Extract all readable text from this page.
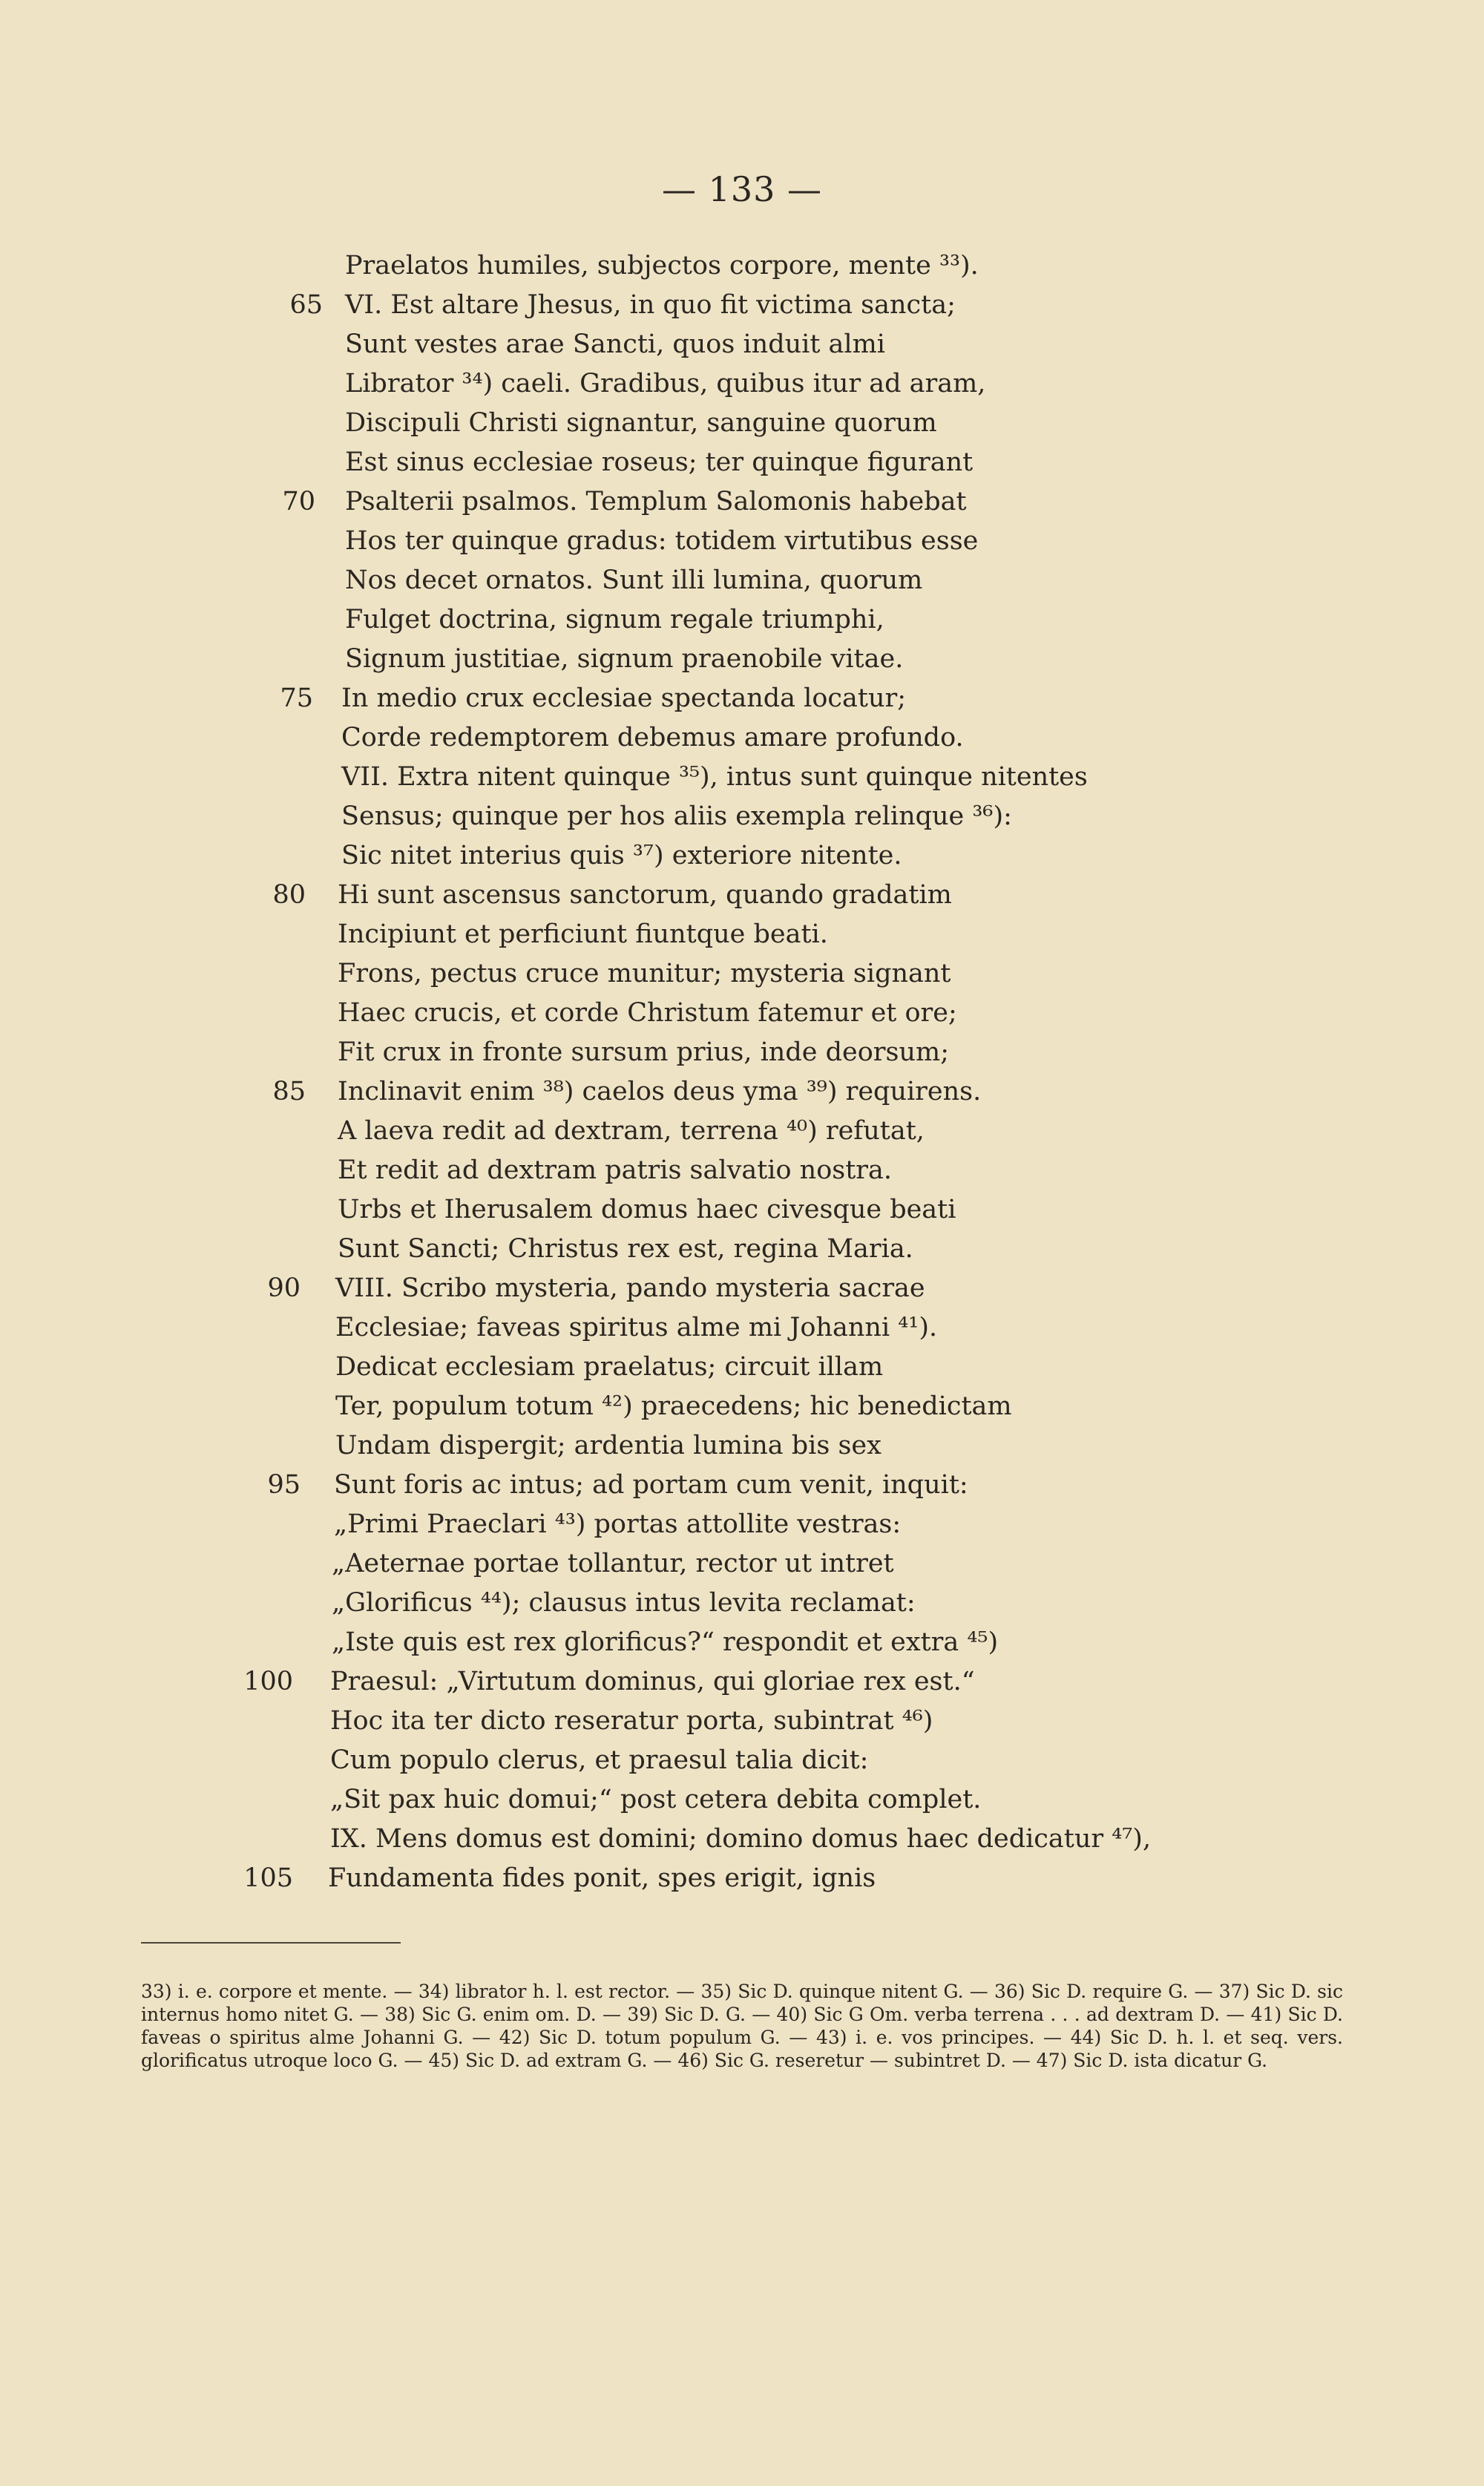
— 133 —
Praelatos humiles, subjectos corpore, mente ³³).
65 VI. Est altare Jhesus, in quo fit victima sancta;
Sunt vestes arae Sancti, quos induit almi
Librator ³⁴) caeli. Gradibus, quibus itur ad aram,
Discipuli Christi signantur, sanguine quorum
Est sinus ecclesiae roseus; ter quinque figurant
70 Psalterii psalmos. Templum Salomonis habebat
Hos ter quinque gradus: totidem virtutibus esse
Nos decet ornatos. Sunt illi lumina, quorum
Fulget doctrina, signum regale triumphi,
Signum justitiae, signum praenobile vitae.
75 In medio crux ecclesiae spectanda locatur;
Corde redemptorem debemus amare profundo.
VII. Extra nitent quinque ³⁵), intus sunt quinque nitentes
Sensus; quinque per hos aliis exempla relinque ³⁶):
Sic nitet interius quis ³⁷) exteriore nitente.
80 Hi sunt ascensus sanctorum, quando gradatim
Incipiunt et perficiunt fiuntque beati.
Frons, pectus cruce munitur; mysteria signant
Haec crucis, et corde Christum fatemur et ore;
Fit crux in fronte sursum prius, inde deorsum;
85 Inclinavit enim ³⁸) caelos deus yma ³⁹) requirens.
A laeva redit ad dextram, terrena ⁴⁰) refutat,
Et redit ad dextram patris salvatio nostra.
Urbs et Iherusalem domus haec civesque beati
Sunt Sancti; Christus rex est, regina Maria.
90 VIII. Scribo mysteria, pando mysteria sacrae
Ecclesiae; faveas spiritus alme mi Johanni ⁴¹).
Dedicat ecclesiam praelatus; circuit illam
Ter, populum totum ⁴²) praecedens; hic benedictam
Undam dispergit; ardentia lumina bis sex
95 Sunt foris ac intus; ad portam cum venit, inquit:
„Primi Praeclari ⁴³) portas attollite vestras:
„Aeternae portae tollantur, rector ut intret
„Glorificus ⁴⁴); clausus intus levita reclamat:
„Iste quis est rex glorificus?“ respondit et extra ⁴⁵)
100 Praesul: „Virtutum dominus, qui gloriae rex est.“
Hoc ita ter dicto reseratur porta, subintrat ⁴⁶)
Cum populo clerus, et praesul talia dicit:
„Sit pax huic domui;“ post cetera debita complet.
IX. Mens domus est domini; domino domus haec dedicatur ⁴⁷),
105 Fundamenta fides ponit, spes erigit, ignis

33) i. e. corpore et mente. — 34) librator h. l. est rector. — 35) Sic D. quinque nitent G. — 36) Sic D. require G. — 37) Sic D. sic internus homo nitet G. — 38) Sic G. enim om. D. — 39) Sic D. G. — 40) Sic G Om. verba terrena . . . ad dextram D. — 41) Sic D. faveas o spiritus alme Johanni G. — 42) Sic D. totum populum G. — 43) i. e. vos principes. — 44) Sic D. h. l. et seq. vers. glorificatus utroque loco G. — 45) Sic D. ad extram G. — 46) Sic G. reseretur — subintret D. — 47) Sic D. ista dicatur G.
